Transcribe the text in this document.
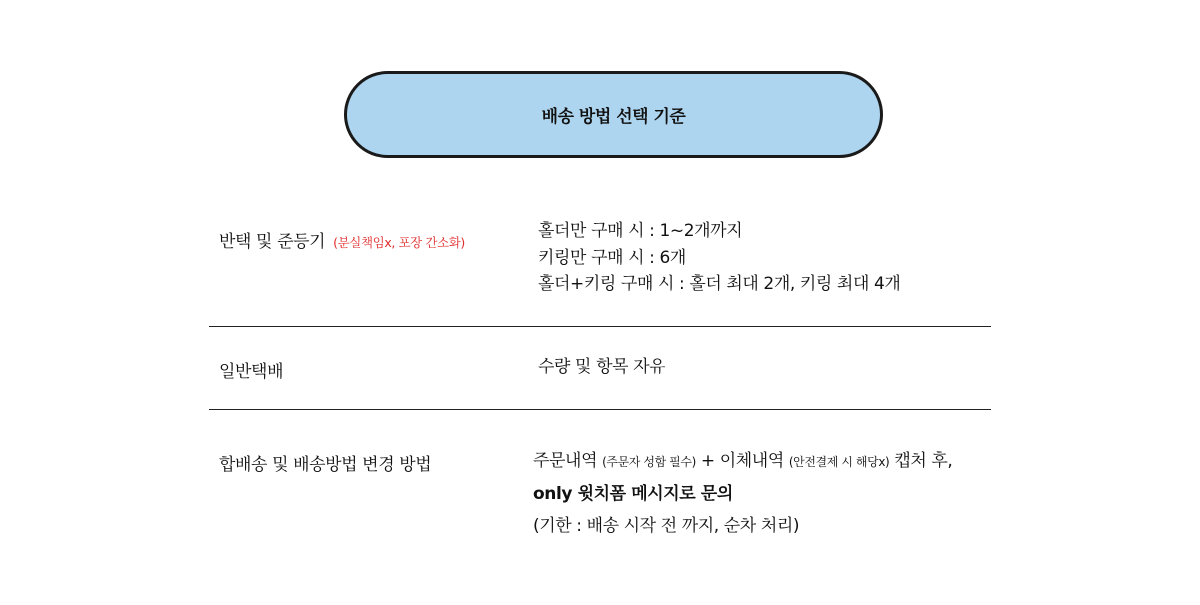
배송 방법 선택 기준
반택 및 준등기 (분실책임x, 포장 간소화)
홀더만 구매 시 : 1~2개까지
키링만 구매 시 : 6개
홀더+키링 구매 시 : 홀더 최대 2개, 키링 최대 4개
일반택배	수량 및 항목 자유
합배송 및 배송방법 변경 방법	주문내역 (주문자 성함 필수) + 이체내역 (안전결제 시 해당x) 캡처 후,
only 윗치폼 메시지로 문의
(기한 : 배송 시작 전 까지, 순차 처리)
